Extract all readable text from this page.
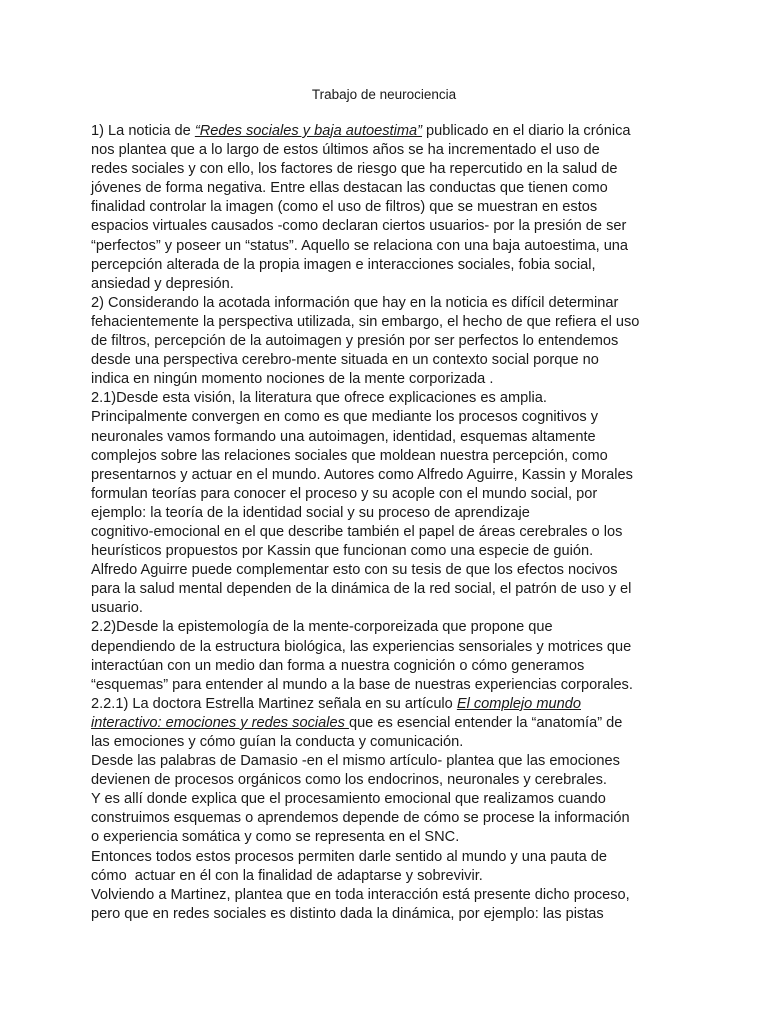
Trabajo de neurociencia
1) La noticia de “Redes sociales y baja autoestima” publicado en el diario la crónica
nos plantea que a lo largo de estos últimos años se ha incrementado el uso de
redes sociales y con ello, los factores de riesgo que ha repercutido en la salud de
jóvenes de forma negativa. Entre ellas destacan las conductas que tienen como
finalidad controlar la imagen (como el uso de filtros) que se muestran en estos
espacios virtuales causados -como declaran ciertos usuarios- por la presión de ser
“perfectos” y poseer un “status”. Aquello se relaciona con una baja autoestima, una
percepción alterada de la propia imagen e interacciones sociales, fobia social,
ansiedad y depresión.
2) Considerando la acotada información que hay en la noticia es difícil determinar
fehacientemente la perspectiva utilizada, sin embargo, el hecho de que refiera el uso
de filtros, percepción de la autoimagen y presión por ser perfectos lo entendemos
desde una perspectiva cerebro-mente situada en un contexto social porque no
indica en ningún momento nociones de la mente corporizada .
2.1)Desde esta visión, la literatura que ofrece explicaciones es amplia.
Principalmente convergen en como es que mediante los procesos cognitivos y
neuronales vamos formando una autoimagen, identidad, esquemas altamente
complejos sobre las relaciones sociales que moldean nuestra percepción, como
presentarnos y actuar en el mundo. Autores como Alfredo Aguirre, Kassin y Morales
formulan teorías para conocer el proceso y su acople con el mundo social, por
ejemplo: la teoría de la identidad social y su proceso de aprendizaje
cognitivo-emocional en el que describe también el papel de áreas cerebrales o los
heurísticos propuestos por Kassin que funcionan como una especie de guión.
Alfredo Aguirre puede complementar esto con su tesis de que los efectos nocivos
para la salud mental dependen de la dinámica de la red social, el patrón de uso y el
usuario.
2.2)Desde la epistemología de la mente-corporeizada que propone que
dependiendo de la estructura biológica, las experiencias sensoriales y motrices que
interactúan con un medio dan forma a nuestra cognición o cómo generamos
“esquemas” para entender al mundo a la base de nuestras experiencias corporales.
2.2.1) La doctora Estrella Martinez señala en su artículo El complejo mundo
interactivo: emociones y redes sociales que es esencial entender la “anatomía” de
las emociones y cómo guían la conducta y comunicación.
Desde las palabras de Damasio -en el mismo artículo- plantea que las emociones
devienen de procesos orgánicos como los endocrinos, neuronales y cerebrales.
Y es allí donde explica que el procesamiento emocional que realizamos cuando
construimos esquemas o aprendemos depende de cómo se procese la información
o experiencia somática y como se representa en el SNC.
Entonces todos estos procesos permiten darle sentido al mundo y una pauta de
cómo  actuar en él con la finalidad de adaptarse y sobrevivir.
Volviendo a Martinez, plantea que en toda interacción está presente dicho proceso,
pero que en redes sociales es distinto dada la dinámica, por ejemplo: las pistas
